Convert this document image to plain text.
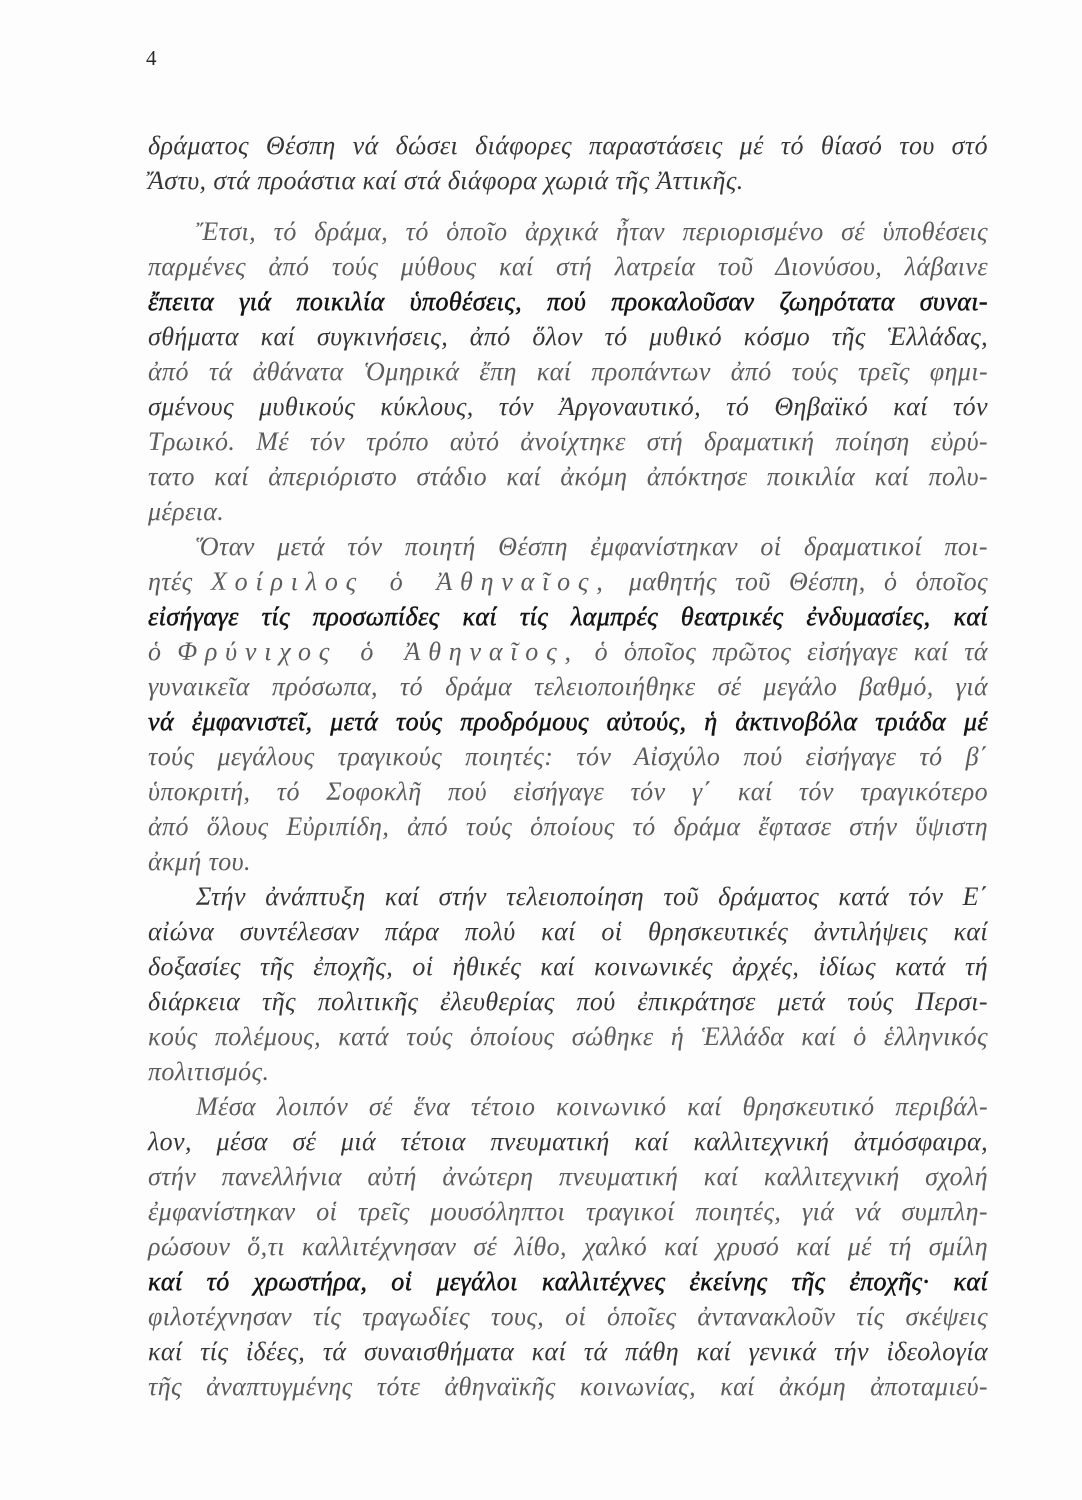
4
δράματος Θέσπη νά δώσει διάφορες παραστάσεις μέ τό θίασό του στό
Ἄστυ, στά προάστια καί στά διάφορα χωριά τῆς Ἀττικῆς.
Ἔτσι, τό δράμα, τό ὁποῖο ἀρχικά ἦταν περιορισμένο σέ ὑποθέσεις
παρμένες ἀπό τούς μύθους καί στή λατρεία τοῦ Διονύσου, λάβαινε
ἔπειτα γιά ποικιλία ὑποθέσεις, πού προκαλοῦσαν ζωηρότατα συναι-
σθήματα καί συγκινήσεις, ἀπό ὅλον τό μυθικό κόσμο τῆς Ἑλλάδας,
ἀπό τά ἀθάνατα Ὁμηρικά ἔπη καί προπάντων ἀπό τούς τρεῖς φημι-
σμένους μυθικούς κύκλους, τόν Ἀργοναυτικό, τό Θηβαϊκό καί τόν
Τρωικό. Μέ τόν τρόπο αὐτό ἀνοίχτηκε στή δραματική ποίηση εὐρύ-
τατο καί ἀπεριόριστο στάδιο καί ἀκόμη ἀπόκτησε ποικιλία καί πολυ-
μέρεια.
Ὅταν μετά τόν ποιητή Θέσπη ἐμφανίστηκαν οἱ δραματικοί ποι-
ητές Χοίριλος ὁ Ἀθηναῖος, μαθητής τοῦ Θέσπη, ὁ ὁποῖος
εἰσήγαγε τίς προσωπίδες καί τίς λαμπρές θεατρικές ἐνδυμασίες, καί
ὁ Φρύνιχος ὁ Ἀθηναῖος, ὁ ὁποῖος πρῶτος εἰσήγαγε καί τά
γυναικεῖα πρόσωπα, τό δράμα τελειοποιήθηκε σέ μεγάλο βαθμό, γιά
νά ἐμφανιστεῖ, μετά τούς προδρόμους αὐτούς, ἡ ἀκτινοβόλα τριάδα μέ
τούς μεγάλους τραγικούς ποιητές: τόν Αἰσχύλο πού εἰσήγαγε τό β΄
ὑποκριτή, τό Σοφοκλῆ πού εἰσήγαγε τόν γ΄ καί τόν τραγικότερο
ἀπό ὅλους Εὐριπίδη, ἀπό τούς ὁποίους τό δράμα ἔφτασε στήν ὕψιστη
ἀκμή του.
Στήν ἀνάπτυξη καί στήν τελειοποίηση τοῦ δράματος κατά τόν Ε΄
αἰώνα συντέλεσαν πάρα πολύ καί οἱ θρησκευτικές ἀντιλήψεις καί
δοξασίες τῆς ἐποχῆς, οἱ ἠθικές καί κοινωνικές ἀρχές, ἰδίως κατά τή
διάρκεια τῆς πολιτικῆς ἐλευθερίας πού ἐπικράτησε μετά τούς Περσι-
κούς πολέμους, κατά τούς ὁποίους σώθηκε ἡ Ἑλλάδα καί ὁ ἑλληνικός
πολιτισμός.
Μέσα λοιπόν σέ ἕνα τέτοιο κοινωνικό καί θρησκευτικό περιβάλ-
λον, μέσα σέ μιά τέτοια πνευματική καί καλλιτεχνική ἀτμόσφαιρα,
στήν πανελλήνια αὐτή ἀνώτερη πνευματική καί καλλιτεχνική σχολή
ἐμφανίστηκαν οἱ τρεῖς μουσόληπτοι τραγικοί ποιητές, γιά νά συμπλη-
ρώσουν ὅ,τι καλλιτέχνησαν σέ λίθο, χαλκό καί χρυσό καί μέ τή σμίλη
καί τό χρωστήρα, οἱ μεγάλοι καλλιτέχνες ἐκείνης τῆς ἐποχῆς· καί
φιλοτέχνησαν τίς τραγωδίες τους, οἱ ὁποῖες ἀντανακλοῦν τίς σκέψεις
καί τίς ἰδέες, τά συναισθήματα καί τά πάθη καί γενικά τήν ἰδεολογία
τῆς ἀναπτυγμένης τότε ἀθηναϊκῆς κοινωνίας, καί ἀκόμη ἀποταμιεύ-
